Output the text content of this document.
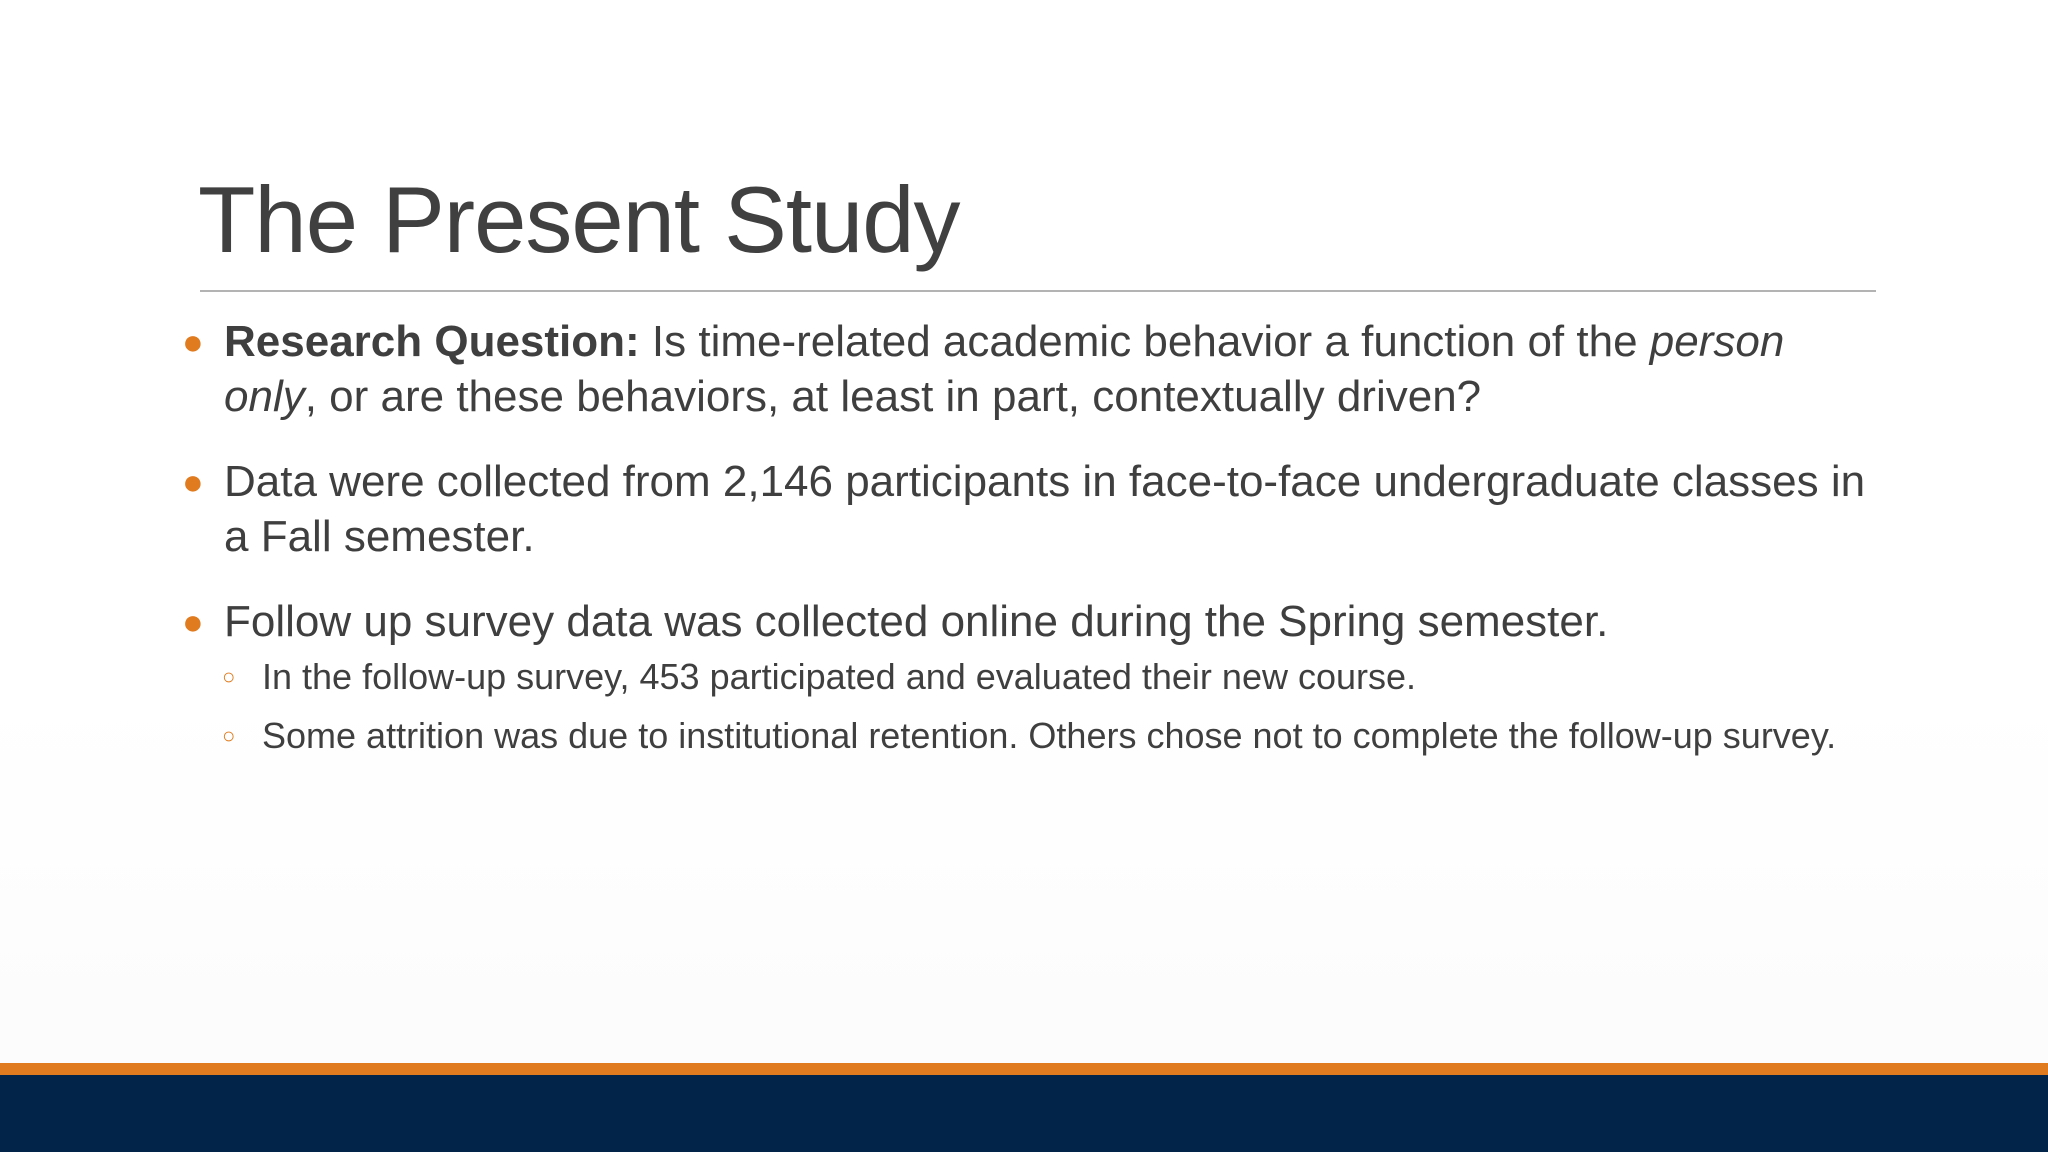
The Present Study
● Research Question: Is time-related academic behavior a function of the person only, or are these behaviors, at least in part, contextually driven?
● Data were collected from 2,146 participants in face-to-face undergraduate classes in a Fall semester.
● Follow up survey data was collected online during the Spring semester.
○ In the follow-up survey, 453 participated and evaluated their new course.
○ Some attrition was due to institutional retention. Others chose not to complete the follow-up survey.
